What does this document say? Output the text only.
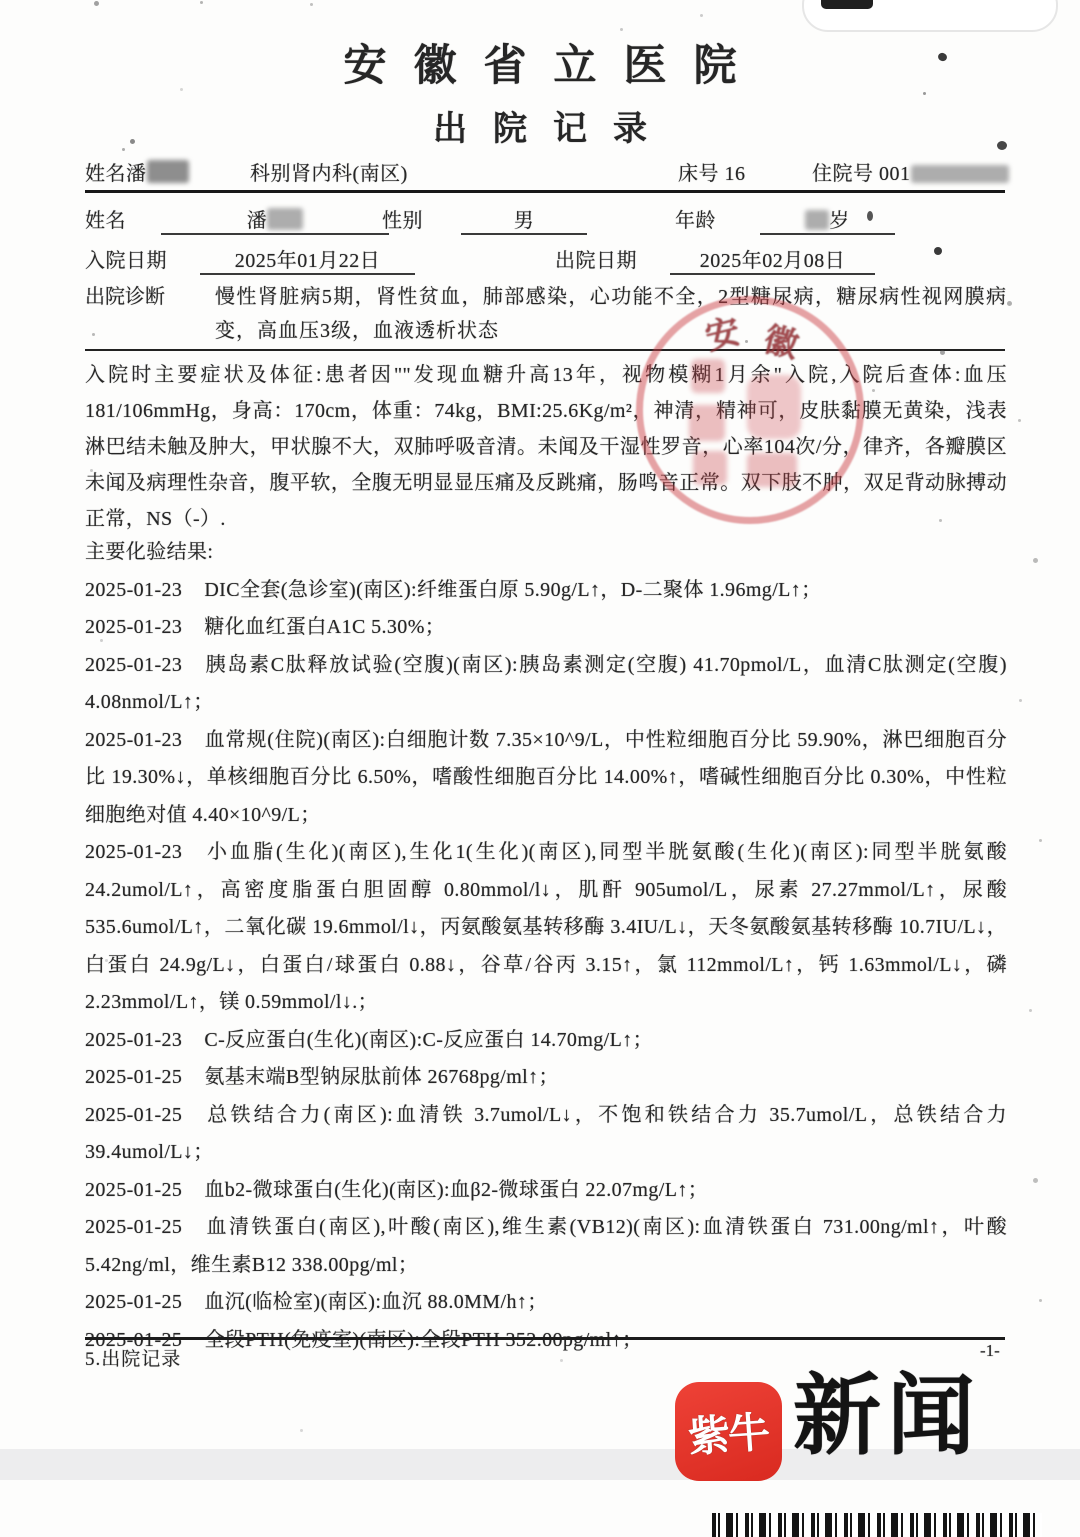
安徽省立医院
出院记录
姓名潘	科别肾内科(南区)	床号 16	住院号 001
姓名	潘	性别	男	年龄	岁
入院日期	2025年01月22日	出院日期	2025年02月08日
出院诊断	慢性肾脏病5期，肾性贫血，肺部感染，心功能不全，2型糖尿病，糖尿病性视网膜病变，高血压3级，血液透析状态
入院时主要症状及体征:患者因""发现血糖升高13年，视物模糊1月余"入院,入院后查体:血压181/106mmHg，身高：170cm，体重：74kg，BMI:25.6Kg/m²，神清，精神可，皮肤黏膜无黄染，浅表淋巴结未触及肿大，甲状腺不大，双肺呼吸音清。未闻及干湿性罗音，心率104次/分，律齐，各瓣膜区未闻及病理性杂音，腹平软，全腹无明显显压痛及反跳痛，肠鸣音正常。双下肢不肿，双足背动脉搏动正常，NS（-）.

主要化验结果:

2025-01-23 DIC全套(急诊室)(南区):纤维蛋白原 5.90g/L↑，D-二聚体 1.96mg/L↑；

2025-01-23 糖化血红蛋白A1C 5.30%；

2025-01-23 胰岛素C肽释放试验(空腹)(南区):胰岛素测定(空腹) 41.70pmol/L，血清C肽测定(空腹) 4.08nmol/L↑；

2025-01-23 血常规(住院)(南区):白细胞计数 7.35×10^9/L，中性粒细胞百分比 59.90%，淋巴细胞百分比 19.30%↓，单核细胞百分比 6.50%，嗜酸性细胞百分比 14.00%↑，嗜碱性细胞百分比 0.30%，中性粒细胞绝对值 4.40×10^9/L；

2025-01-23 小血脂(生化)(南区),生化1(生化)(南区),同型半胱氨酸(生化)(南区):同型半胱氨酸 24.2umol/L↑，高密度脂蛋白胆固醇 0.80mmol/l↓，肌酐 905umol/L，尿素 27.27mmol/L↑，尿酸 535.6umol/L↑，二氧化碳 19.6mmol/l↓，丙氨酸氨基转移酶 3.4IU/L↓，天冬氨酸氨基转移酶 10.7IU/L↓，白蛋白 24.9g/L↓，白蛋白/球蛋白 0.88↓，谷草/谷丙 3.15↑，氯 112mmol/L↑，钙 1.63mmol/L↓，磷 2.23mmol/L↑，镁 0.59mmol/l↓.；

2025-01-23 C-反应蛋白(生化)(南区):C-反应蛋白 14.70mg/L↑；

2025-01-25 氨基末端B型钠尿肽前体 26768pg/ml↑；

2025-01-25 总铁结合力(南区):血清铁 3.7umol/L↓，不饱和铁结合力 35.7umol/L，总铁结合力 39.4umol/L↓；

2025-01-25 血b2-微球蛋白(生化)(南区):血β2-微球蛋白 22.07mg/L↑；

2025-01-25 血清铁蛋白(南区),叶酸(南区),维生素(VB12)(南区):血清铁蛋白 731.00ng/ml↑，叶酸 5.42ng/ml，维生素B12 338.00pg/ml；

2025-01-25 血沉(临检室)(南区):血沉 88.0MM/h↑；

安 徽
5.出院记录	-1-
紫牛 新闻
